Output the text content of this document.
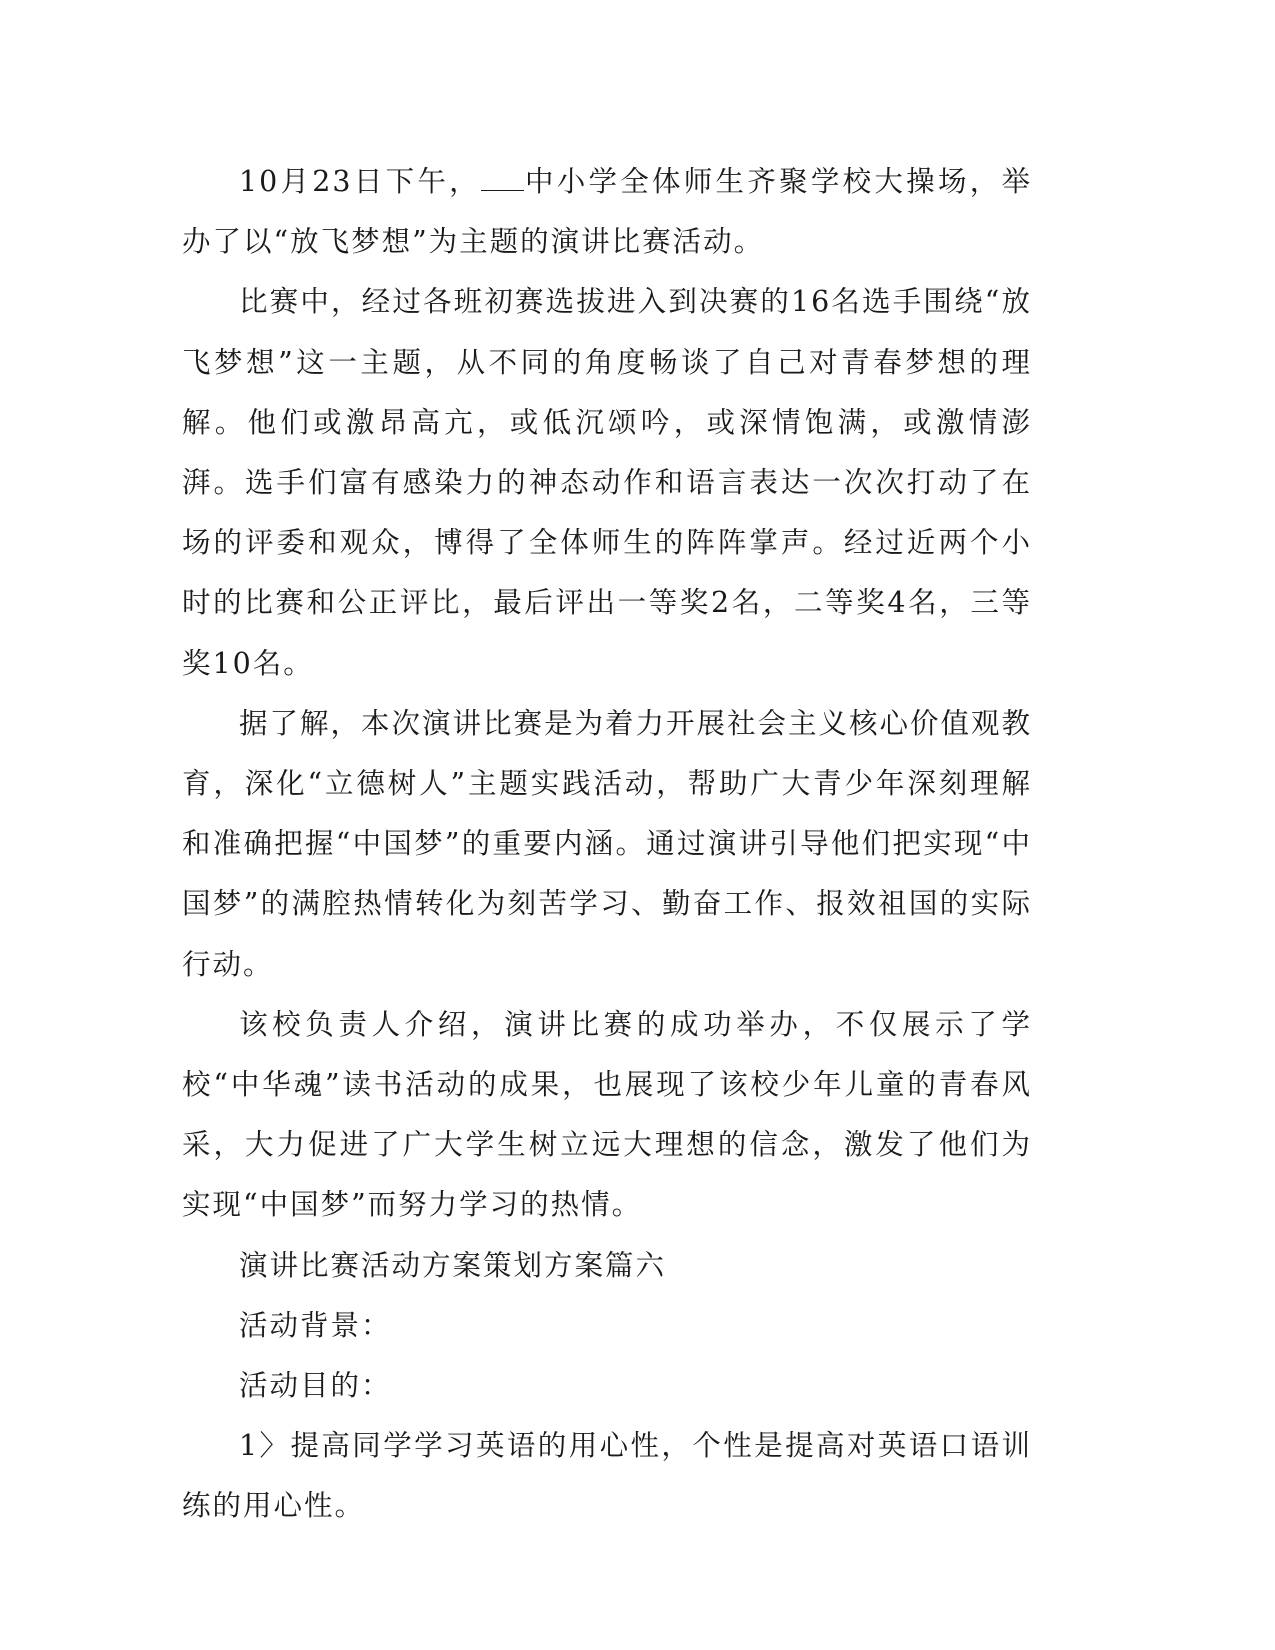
10月23日下午， 中小学全体师生齐聚学校大操场，举办了以“放飞梦想”为主题的演讲比赛活动。

比赛中，经过各班初赛选拔进入到决赛的16名选手围绕“放飞梦想”这一主题，从不同的角度畅谈了自己对青春梦想的理解。他们或激昂高亢，或低沉颂吟，或深情饱满，或激情澎湃。选手们富有感染力的神态动作和语言表达一次次打动了在场的评委和观众，博得了全体师生的阵阵掌声。经过近两个小时的比赛和公正评比，最后评出一等奖2名，二等奖4名，三等奖10名。

据了解，本次演讲比赛是为着力开展社会主义核心价值观教育，深化“立德树人”主题实践活动，帮助广大青少年深刻理解和准确把握“中国梦”的重要内涵。通过演讲引导他们把实现“中国梦”的满腔热情转化为刻苦学习、勤奋工作、报效祖国的实际行动。

该校负责人介绍，演讲比赛的成功举办，不仅展示了学校“中华魂”读书活动的成果，也展现了该校少年儿童的青春风采，大力促进了广大学生树立远大理想的信念，激发了他们为实现“中国梦”而努力学习的热情。

演讲比赛活动方案策划方案篇六

活动背景：

活动目的：

1〉提高同学学习英语的用心性，个性是提高对英语口语训练的用心性。
